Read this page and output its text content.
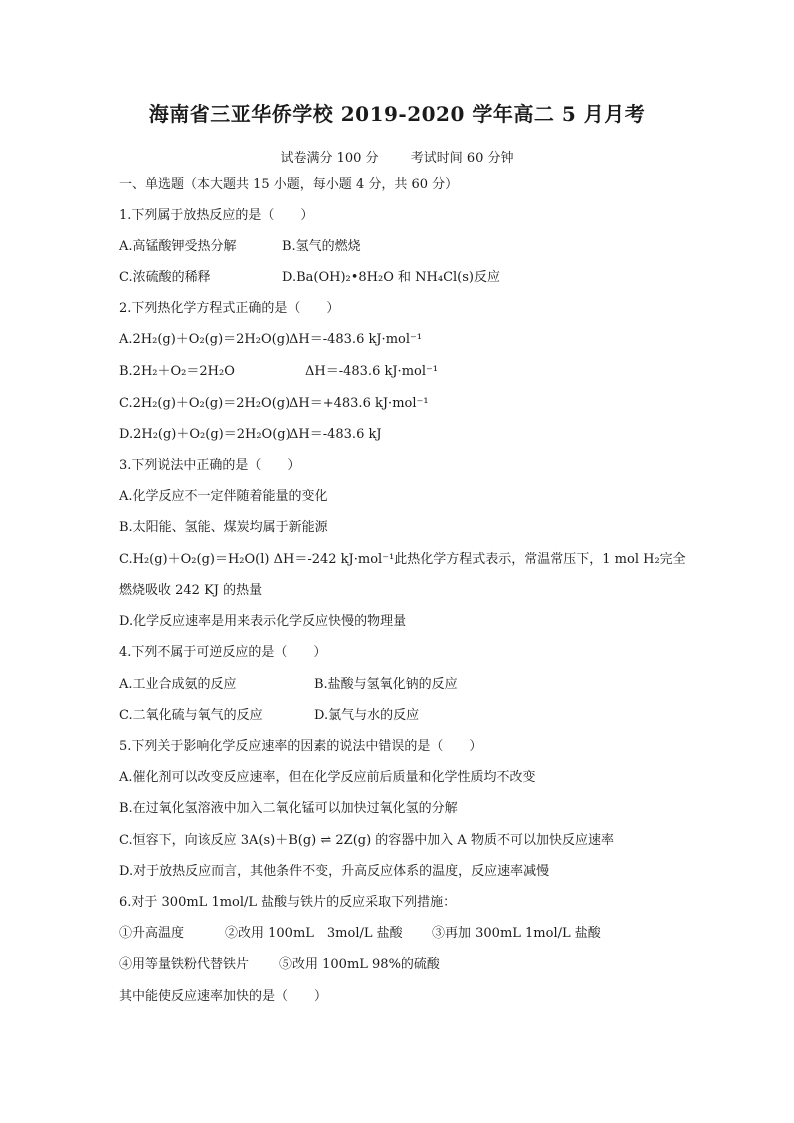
海南省三亚华侨学校 2019-2020 学年高二 5 月月考
试卷满分 100 分 考试时间 60 分钟
一、单选题（本大题共 15 小题，每小题 4 分，共 60 分）
1.下列属于放热反应的是（　　）
A.高锰酸钾受热分解	B.氢气的燃烧
C.浓硫酸的稀释	D.Ba(OH)₂•8H₂O 和 NH₄Cl(s)反应
2.下列热化学方程式正确的是（　　）
A.2H₂(g)＋O₂(g)＝2H₂O(g)ΔH＝-483.6 kJ·mol⁻¹
B.2H₂＋O₂＝2H₂O	ΔH＝-483.6 kJ·mol⁻¹
C.2H₂(g)＋O₂(g)＝2H₂O(g)ΔH＝+483.6 kJ·mol⁻¹
D.2H₂(g)＋O₂(g)＝2H₂O(g)ΔH＝-483.6 kJ
3.下列说法中正确的是（　　）
A.化学反应不一定伴随着能量的变化
B.太阳能、氢能、煤炭均属于新能源
C.H₂(g)＋O₂(g)＝H₂O(l) ΔH＝-242 kJ·mol⁻¹此热化学方程式表示，常温常压下，1 mol H₂完全
燃烧吸收 242 KJ 的热量
D.化学反应速率是用来表示化学反应快慢的物理量
4.下列不属于可逆反应的是（　　）
A.工业合成氨的反应	B.盐酸与氢氧化钠的反应
C.二氧化硫与氧气的反应	D.氯气与水的反应
5.下列关于影响化学反应速率的因素的说法中错误的是（　　）
A.催化剂可以改变反应速率，但在化学反应前后质量和化学性质均不改变
B.在过氧化氢溶液中加入二氧化锰可以加快过氧化氢的分解
C.恒容下，向该反应 3A(s)＋B(g) ⇌ 2Z(g) 的容器中加入 A 物质不可以加快反应速率
D.对于放热反应而言，其他条件不变，升高反应体系的温度，反应速率减慢
6.对于 300mL 1mol/L 盐酸与铁片的反应采取下列措施：
①升高温度	②改用 100mL　3mol/L 盐酸 ③再加 300mL 1mol/L 盐酸
④用等量铁粉代替铁片 ⑤改用 100mL 98%的硫酸
其中能使反应速率加快的是（　　）
